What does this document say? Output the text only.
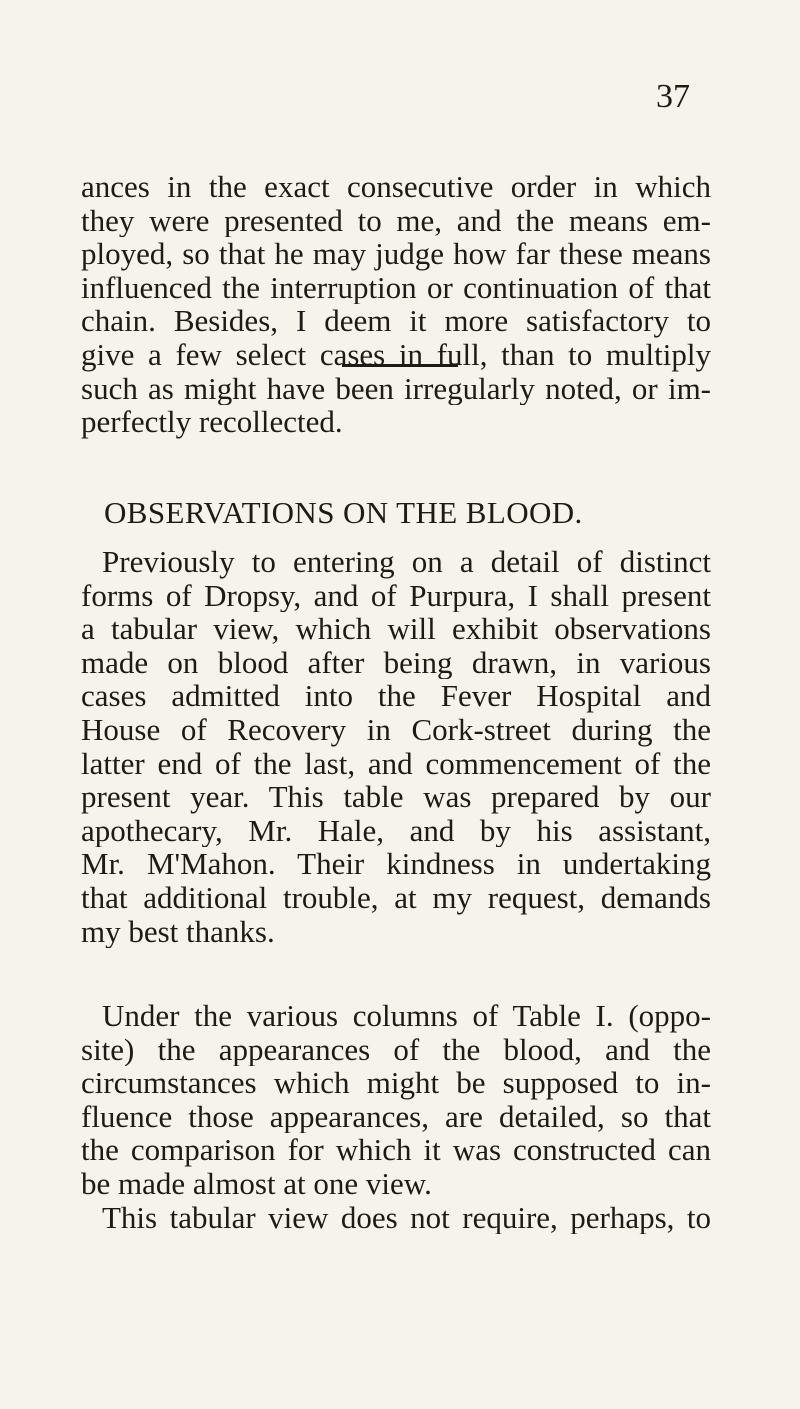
37
ances in the exact consecutive order in which
they were presented to me, and the means em-
ployed, so that he may judge how far these means
influenced the interruption or continuation of that
chain. Besides, I deem it more satisfactory to
give a few select cases in full, than to multiply
such as might have been irregularly noted, or im-
perfectly recollected.
OBSERVATIONS ON THE BLOOD.
Previously to entering on a detail of distinct
forms of Dropsy, and of Purpura, I shall present
a tabular view, which will exhibit observations
made on blood after being drawn, in various
cases admitted into the Fever Hospital and
House of Recovery in Cork-street during the
latter end of the last, and commencement of the
present year. This table was prepared by our
apothecary, Mr. Hale, and by his assistant,
Mr. M'Mahon. Their kindness in undertaking
that additional trouble, at my request, demands
my best thanks.
Under the various columns of Table I. (oppo-
site) the appearances of the blood, and the
circumstances which might be supposed to in-
fluence those appearances, are detailed, so that
the comparison for which it was constructed can
be made almost at one view.
This tabular view does not require, perhaps, to
